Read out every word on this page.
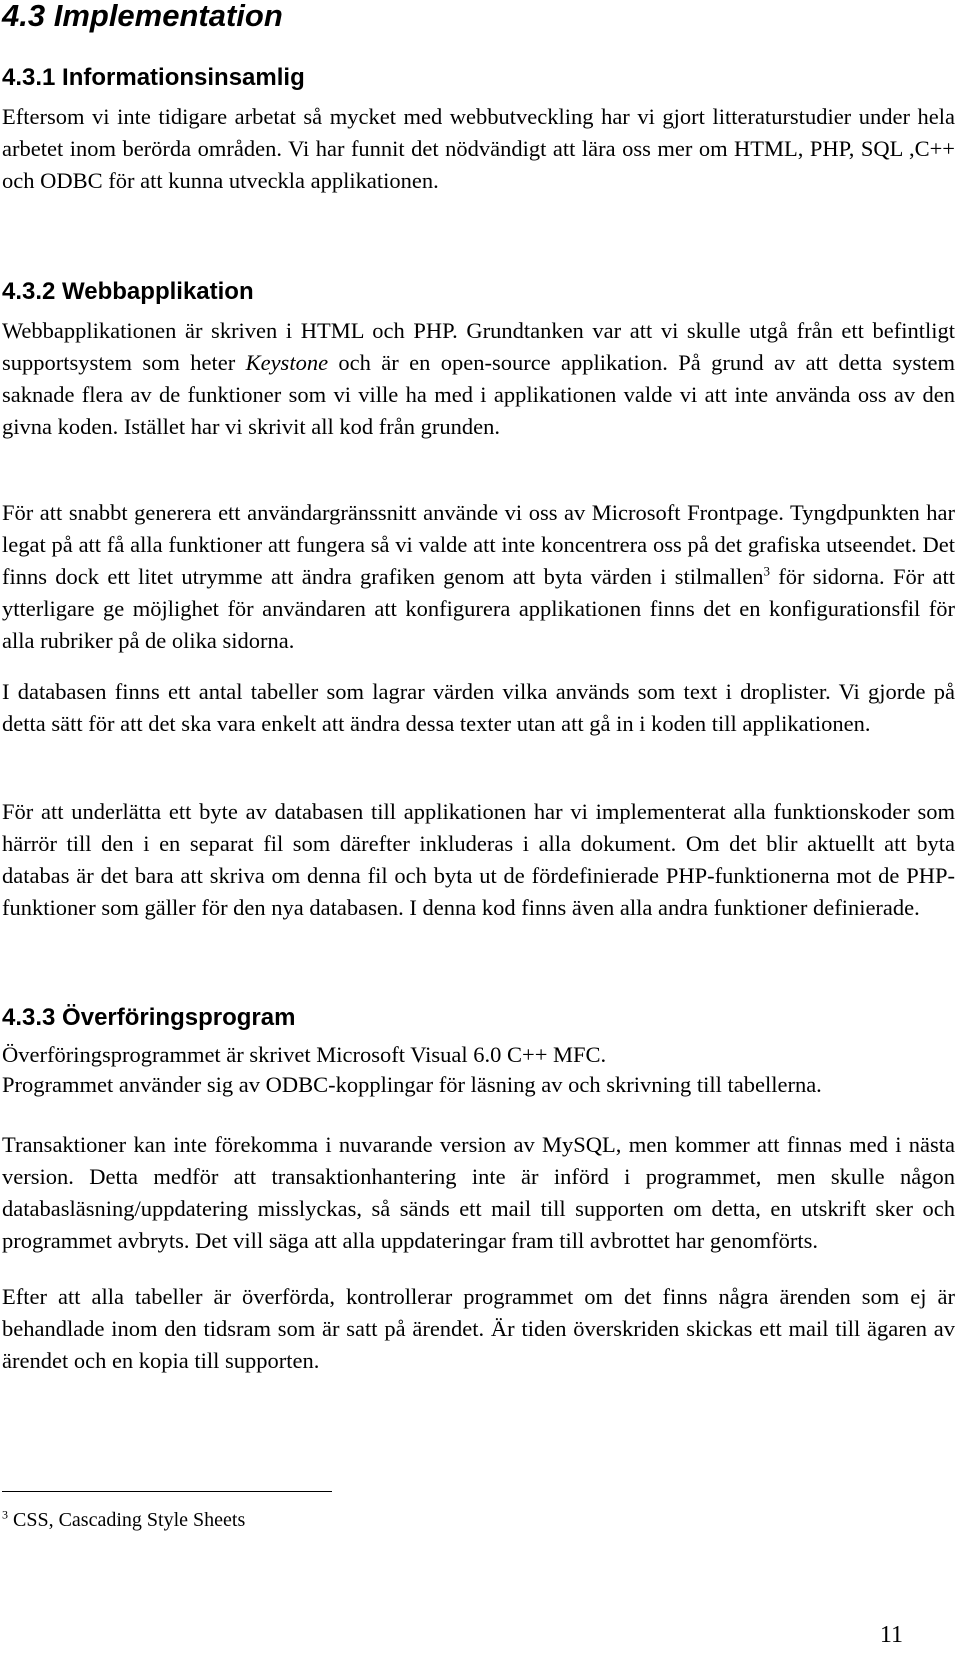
4.3 Implementation
4.3.1 Informationsinsamlig

Eftersom vi inte tidigare arbetat så mycket med webbutveckling har vi gjort litteraturstudier under hela arbetet inom berörda områden. Vi har funnit det nödvändigt att lära oss mer om HTML, PHP, SQL ,C++ och ODBC för att kunna utveckla applikationen.

4.3.2 Webbapplikation

Webbapplikationen är skriven i HTML och PHP. Grundtanken var att vi skulle utgå från ett befintligt supportsystem som heter Keystone och är en open-source applikation. På grund av att detta system saknade flera av de funktioner som vi ville ha med i applikationen valde vi att inte använda oss av den givna koden. Istället har vi skrivit all kod från grunden.

För att snabbt generera ett användargränssnitt använde vi oss av Microsoft Frontpage. Tyngdpunkten har legat på att få alla funktioner att fungera så vi valde att inte koncentrera oss på det grafiska utseendet. Det finns dock ett litet utrymme att ändra grafiken genom att byta värden i stilmallen$^3$ för sidorna. För att ytterligare ge möjlighet för användaren att konfigurera applikationen finns det en konfigurationsfil för alla rubriker på de olika sidorna.

I databasen finns ett antal tabeller som lagrar värden vilka används som text i droplister. Vi gjorde på detta sätt för att det ska vara enkelt att ändra dessa texter utan att gå in i koden till applikationen.

För att underlätta ett byte av databasen till applikationen har vi implementerat alla funktionskoder som härrör till den i en separat fil som därefter inkluderas i alla dokument. Om det blir aktuellt att byta databas är det bara att skriva om denna fil och byta ut de fördefinierade PHP-funktionerna mot de PHP-funktioner som gäller för den nya databasen. I denna kod finns även alla andra funktioner definierade.

4.3.3 Överföringsprogram

Överföringsprogrammet är skrivet Microsoft Visual 6.0 C++ MFC.

Programmet använder sig av ODBC-kopplingar för läsning av och skrivning till tabellerna.

Transaktioner kan inte förekomma i nuvarande version av MySQL, men kommer att finnas med i nästa version. Detta medför att transaktionhantering inte är införd i programmet, men skulle någon databasläsning/uppdatering misslyckas, så sänds ett mail till supporten om detta, en utskrift sker och programmet avbryts. Det vill säga att alla uppdateringar fram till avbrottet har genomförts.

Efter att alla tabeller är överförda, kontrollerar programmet om det finns några ärenden som ej är behandlade inom den tidsram som är satt på ärendet. Är tiden överskriden skickas ett mail till ägaren av ärendet och en kopia till supporten.

$^3$ CSS, Cascading Style Sheets
11
